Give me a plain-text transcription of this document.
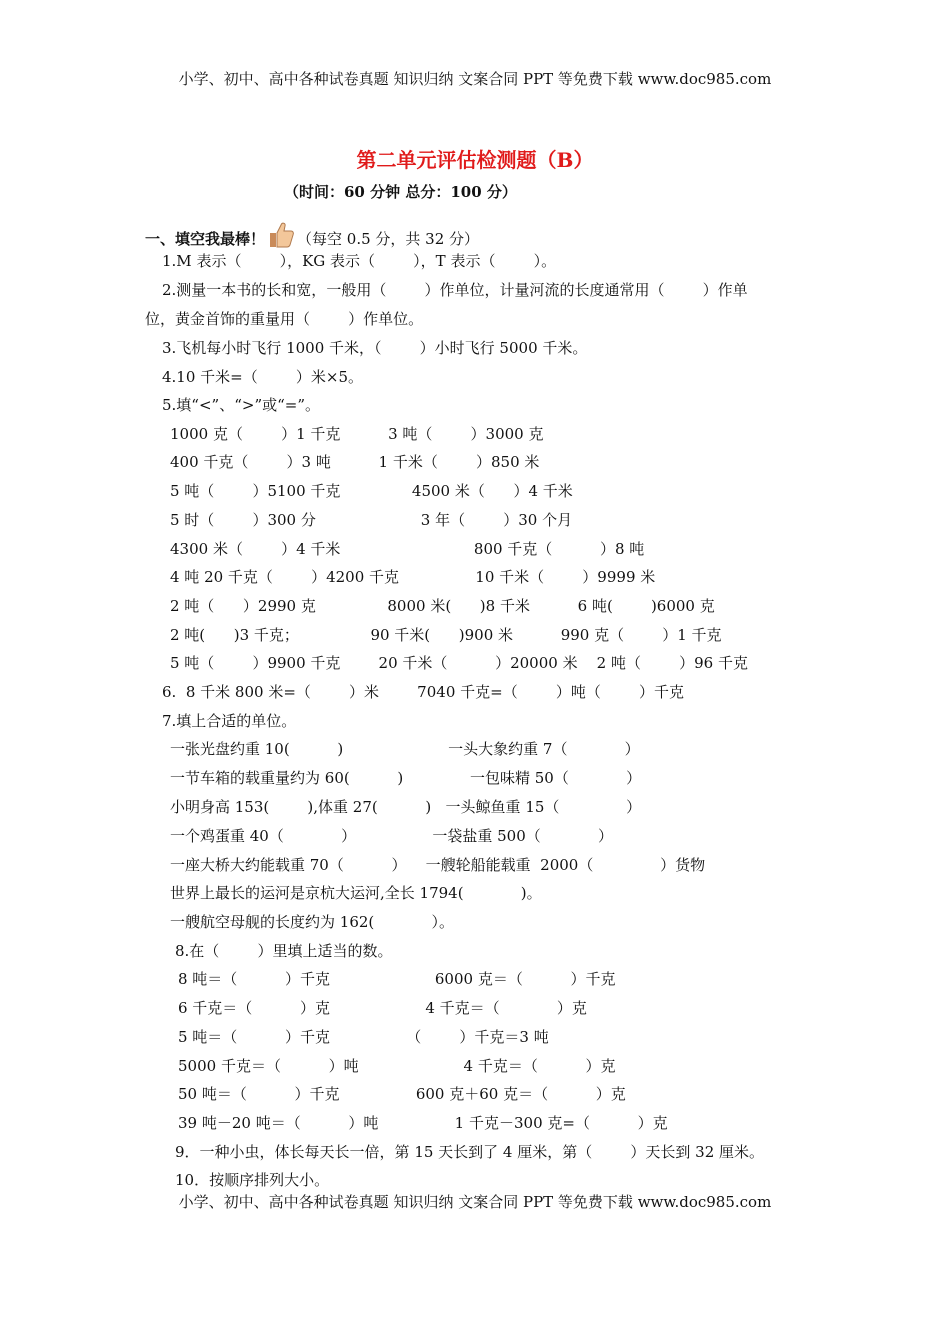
小学、初中、高中各种试卷真题 知识归纳 文案合同 PPT 等免费下载 www.doc985.com
第二单元评估检测题（B）
（时间：60 分钟 总分：100 分）
一、填空我最棒！ （每空 0.5 分，共 32 分）
1.M 表示（        ），KG 表示（        ），T 表示（        ）。
2.测量一本书的长和宽，一般用（        ）作单位，计量河流的长度通常用（        ）作单
位，黄金首饰的重量用（        ）作单位。
3.飞机每小时飞行 1000 千米，（        ）小时飞行 5000 千米。
4.10 千米=（        ）米×5。
5.填“<”、“>”或“=”。
1000 克（        ）1 千克          3 吨（        ）3000 克
400 千克（        ）3 吨          1 千米（        ）850 米
5 吨（        ）5100 千克               4500 米（      ）4 千米
5 时（        ）300 分                      3 年（        ）30 个月
4300 米（        ）4 千米                            800 千克（          ）8 吨
4 吨 20 千克（        ）4200 千克                10 千米（        ）9999 米
2 吨（      ）2990 克               8000 米(      )8 千米          6 吨(        )6000 克
2 吨(      )3 千克；               90 千米(      )900 米          990 克（        ）1 千克
5 吨（        ）9900 千克        20 千米（          ）20000 米    2 吨（        ）96 千克
6.  8 千米 800 米=（        ）米        7040 千克=（        ）吨（        ）千克
7.填上合适的单位。
一张光盘约重 10(          )                      一头大象约重 7（            ）
一节车箱的载重量约为 60(          )              一包味精 50（            ）
小明身高 153(        ),体重 27(          )   一头鲸鱼重 15（              ）
一个鸡蛋重 40（            ）                一袋盐重 500（            ）
一座大桥大约能载重 70（          ）    一艘轮船能载重  2000（              ）货物
世界上最长的运河是京杭大运河,全长 1794(            )。
一艘航空母舰的长度约为 162(            ）。
8.在（        ）里填上适当的数。
8 吨＝（          ）千克                      6000 克＝（          ）千克
6 千克＝（          ）克                    4 千克＝（            ）克
5 吨＝（          ）千克                （        ）千克＝3 吨
5000 千克＝（          ）吨                      4 千克＝（          ）克
50 吨＝（          ）千克                600 克＋60 克＝（          ）克
39 吨－20 吨＝（          ）吨                1 千克－300 克=（          ）克
9．一种小虫，体长每天长一倍，第 15 天长到了 4 厘米，第（        ）天长到 32 厘米。
10．按顺序排列大小。
小学、初中、高中各种试卷真题 知识归纳 文案合同 PPT 等免费下载 www.doc985.com
